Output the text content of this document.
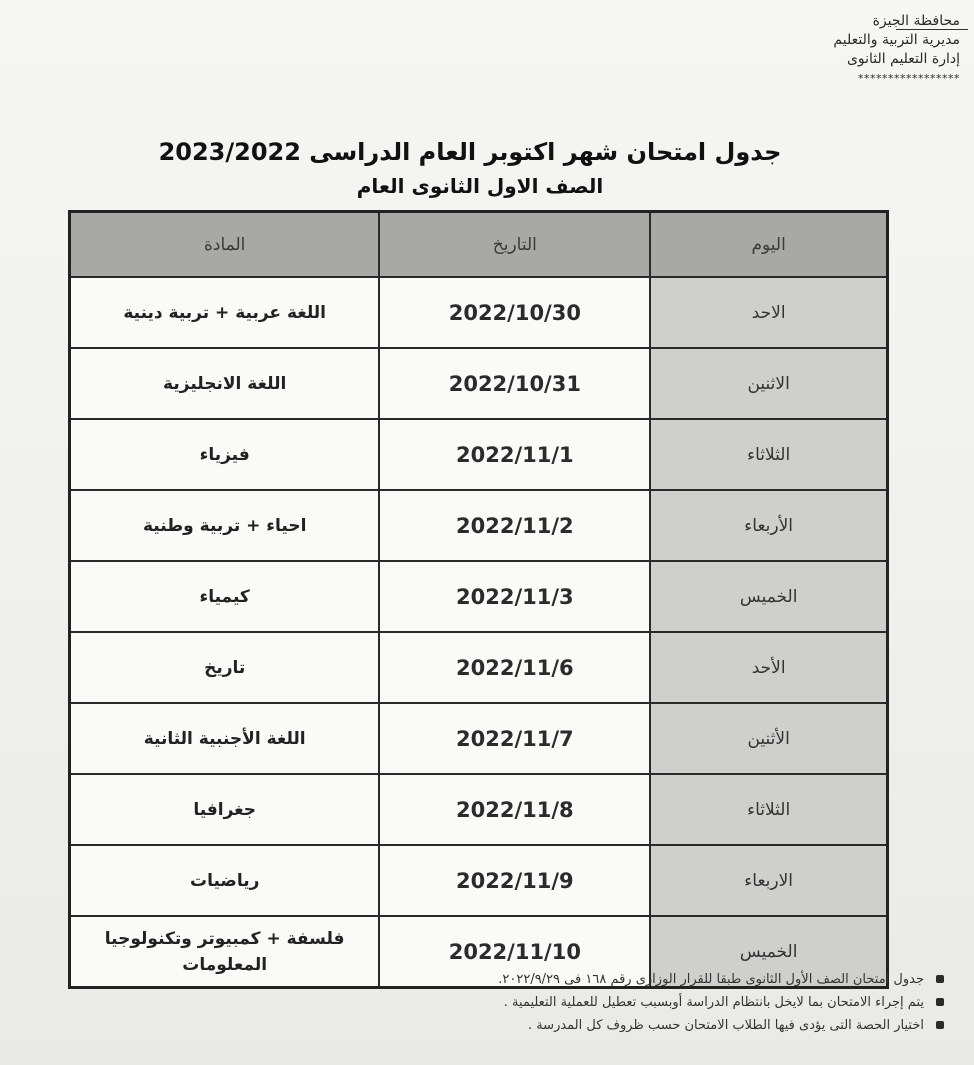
محافظة الجيزة
مديرية التربية والتعليم
إدارة التعليم الثانوى
*****************
جدول امتحان شهر اكتوبر العام الدراسى 2023/2022
الصف الاول الثانوى العام
اليوم	التاريخ	المادة
الاحد	2022/10/30	اللغة عربية + تربية دينية
الاثنين	2022/10/31	اللغة الانجليزية
الثلاثاء	2022/11/1	فيزياء
الأربعاء	2022/11/2	احياء + تربية وطنية
الخميس	2022/11/3	كيمياء
الأحد	2022/11/6	تاريخ
الأثنين	2022/11/7	اللغة الأجنبية الثانية
الثلاثاء	2022/11/8	جغرافيا
الاربعاء	2022/11/9	رياضيات
الخميس	2022/11/10	فلسفة + كمبيوتر وتكنولوجيا المعلومات
جدول امتحان الصف الأول الثانوى طبقا للقرار الوزارى رقم ١٦٨ فى ٢٠٢٢/٩/٢٩.
يتم إجراء الامتحان بما لايخل بانتظام الدراسة أوبسبب تعطيل للعملية التعليمية .
اختيار الحصة التى يؤدى فيها الطلاب الامتحان حسب ظروف كل المدرسة .
